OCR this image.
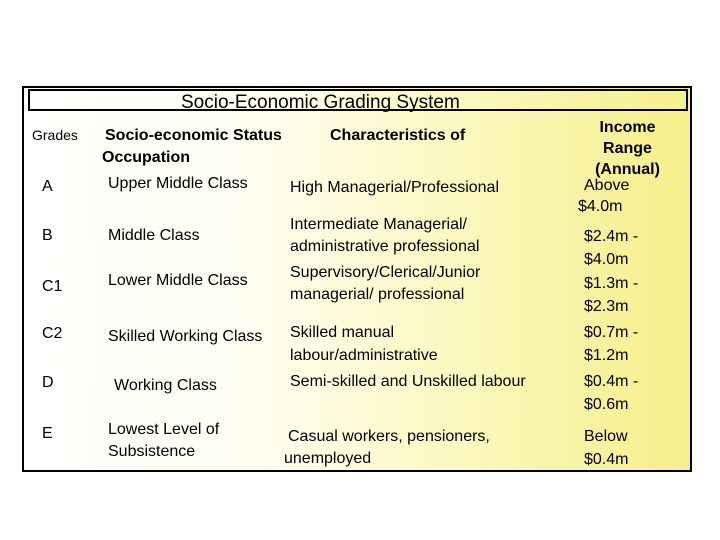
Socio-Economic Grading System
Grades Socio-economic Status
Occupation
Characteristics of	Income
Range
(Annual)
A
B
C1
C2
D
E
Upper Middle Class
Middle Class
Lower Middle Class
Skilled Working Class
Working Class
Lowest Level of
Subsistence
High Managerial/Professional
Intermediate Managerial/
administrative professional
Supervisory/Clerical/Junior
managerial/ professional
Skilled manual
labour/administrative
Semi-skilled and Unskilled labour
Casual workers, pensioners,
unemployed
Above
$4.0m
$2.4m -
$4.0m
$1.3m -
$2.3m
$0.7m -
$1.2m
$0.4m -
$0.6m
Below
$0.4m
